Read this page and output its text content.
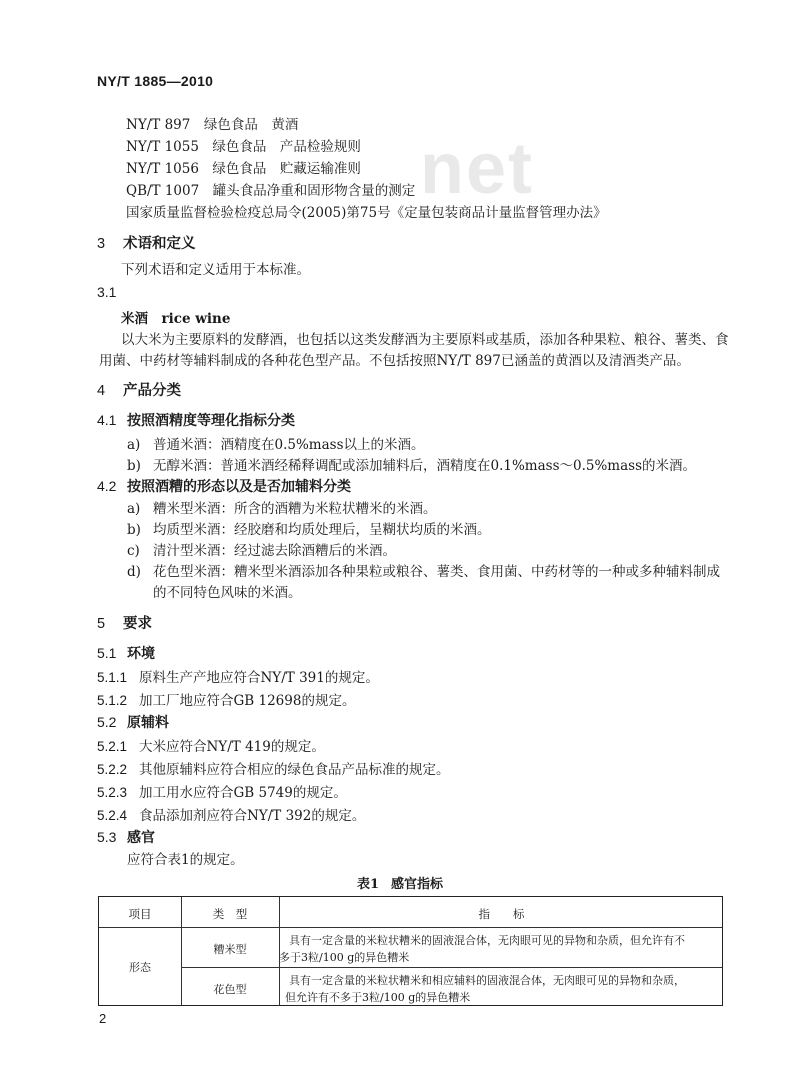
net
NY/T 1885—2010
NY/T 897　绿色食品　黄酒
NY/T 1055　绿色食品　产品检验规则
NY/T 1056　绿色食品　贮藏运输准则
QB/T 1007　罐头食品净重和固形物含量的测定
国家质量监督检验检疫总局令(2005)第75号《定量包装商品计量监督管理办法》
3 术语和定义
下列术语和定义适用于本标准。
3.1
米酒　rice wine
以大米为主要原料的发酵酒，也包括以这类发酵酒为主要原料或基质，添加各种果粒、粮谷、薯类、食
用菌、中药材等辅料制成的各种花色型产品。不包括按照NY/T 897已涵盖的黄酒以及清酒类产品。
4 产品分类
4.1 按照酒精度等理化指标分类
a) 普通米酒：酒精度在0.5%mass以上的米酒。
b) 无醇米酒：普通米酒经稀释调配或添加辅料后，酒精度在0.1%mass～0.5%mass的米酒。
4.2 按照酒糟的形态以及是否加辅料分类
a) 糟米型米酒：所含的酒糟为米粒状糟米的米酒。
b) 均质型米酒：经胶磨和均质处理后，呈糊状均质的米酒。
c) 清汁型米酒：经过滤去除酒糟后的米酒。
d) 花色型米酒：糟米型米酒添加各种果粒或粮谷、薯类、食用菌、中药材等的一种或多种辅料制成
的不同特色风味的米酒。
5 要求
5.1 环境
5.1.1 原料生产产地应符合NY/T 391的规定。
5.1.2 加工厂地应符合GB 12698的规定。
5.2 原辅料
5.2.1 大米应符合NY/T 419的规定。
5.2.2 其他原辅料应符合相应的绿色食品产品标准的规定。
5.2.3 加工用水应符合GB 5749的规定。
5.2.4 食品添加剂应符合NY/T 392的规定。
5.3 感官
应符合表1的规定。
表1 感官指标
项目	类　型	指　　标
形态
糟米型
具有一定含量的米粒状糟米的固液混合体，无肉眼可见的异物和杂质，但允许有不
多于3粒/100 g的异色糟米
花色型
具有一定含量的米粒状糟米和相应辅料的固液混合体，无肉眼可见的异物和杂质，
但允许有不多于3粒/100 g的异色糟米
2
